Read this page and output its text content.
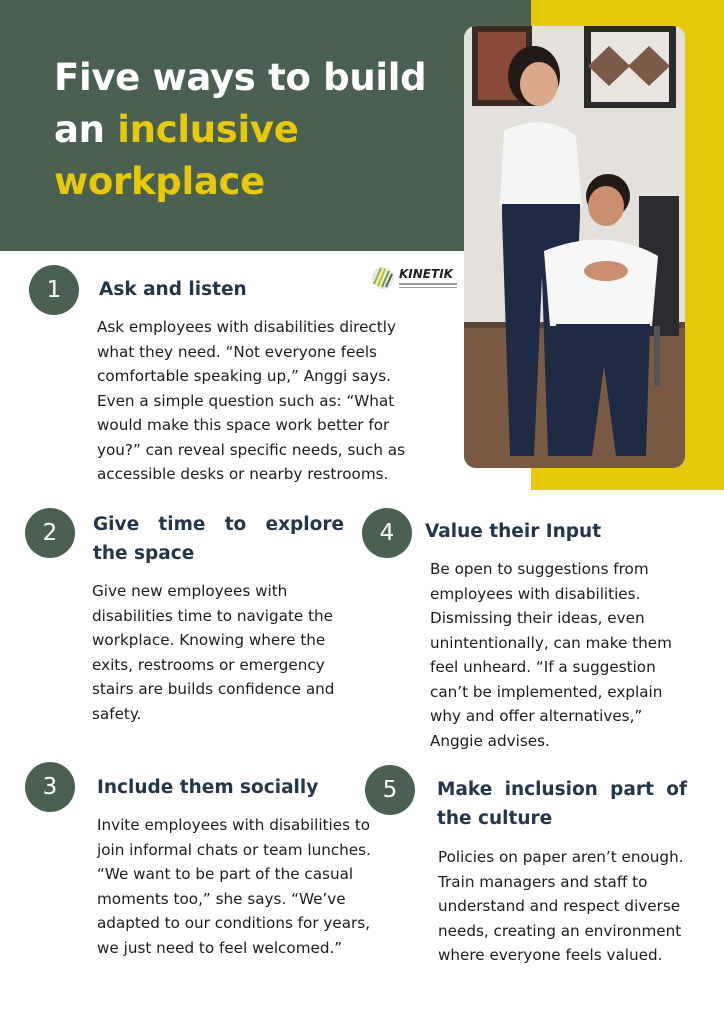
Five ways to build
an inclusive
workplace
KINETIK
1	Ask and listen

Ask employees with disabilities directly what they need. “Not everyone feels comfortable speaking up,” Anggi says. Even a simple question such as: “What would make this space work better for you?” can reveal specific needs, such as accessible desks or nearby restrooms.

2	Give time to explore the space

Give new employees with disabilities time to navigate the workplace. Knowing where the exits, restrooms or emergency stairs are builds confidence and safety.

3	Include them socially

Invite employees with disabilities to join informal chats or team lunches. “We want to be part of the casual moments too,” she says. “We’ve adapted to our conditions for years, we just need to feel welcomed.”

4	Value their Input

Be open to suggestions from employees with disabilities. Dismissing their ideas, even unintentionally, can make them feel unheard. “If a suggestion can’t be implemented, explain why and offer alternatives,” Anggie advises.

5	Make inclusion part of the culture

Policies on paper aren’t enough. Train managers and staff to understand and respect diverse needs, creating an environment where everyone feels valued.
